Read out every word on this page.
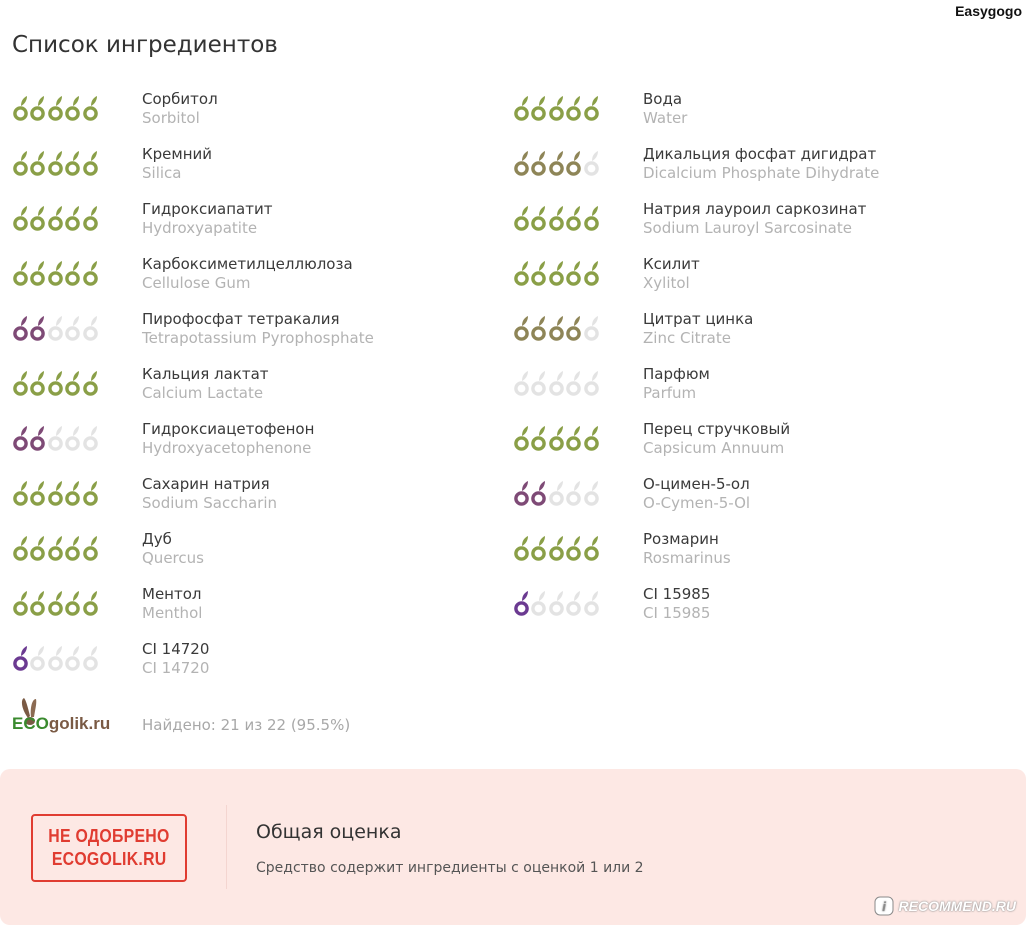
Easygogo
Список ингредиентов
Сорбитол
Sorbitol
Кремний
Silica
Гидроксиапатит
Hydroxyapatite
Карбоксиметилцеллюлоза
Cellulose Gum
Пирофосфат тетракалия
Tetrapotassium Pyrophosphate
Кальция лактат
Calcium Lactate
Гидроксиацетофенон
Hydroxyacetophenone
Сахарин натрия
Sodium Saccharin
Дуб
Quercus
Ментол
Menthol
CI 14720
CI 14720
Вода
Water
Дикальция фосфат дигидрат
Dicalcium Phosphate Dihydrate
Натрия лауроил саркозинат
Sodium Lauroyl Sarcosinate
Ксилит
Xylitol
Цитрат цинка
Zinc Citrate
Парфюм
Parfum
Перец стручковый
Capsicum Annuum
О-цимен-5-ол
O-Cymen-5-Ol
Розмарин
Rosmarinus
CI 15985
CI 15985
ECOgolik.ru Найдено: 21 из 22 (95.5%)
НЕ ОДОБРЕНО
ECOGOLIK.RU
Общая оценка
Средство содержит ингредиенты с оценкой 1 или 2
i RECOMMEND.RU
